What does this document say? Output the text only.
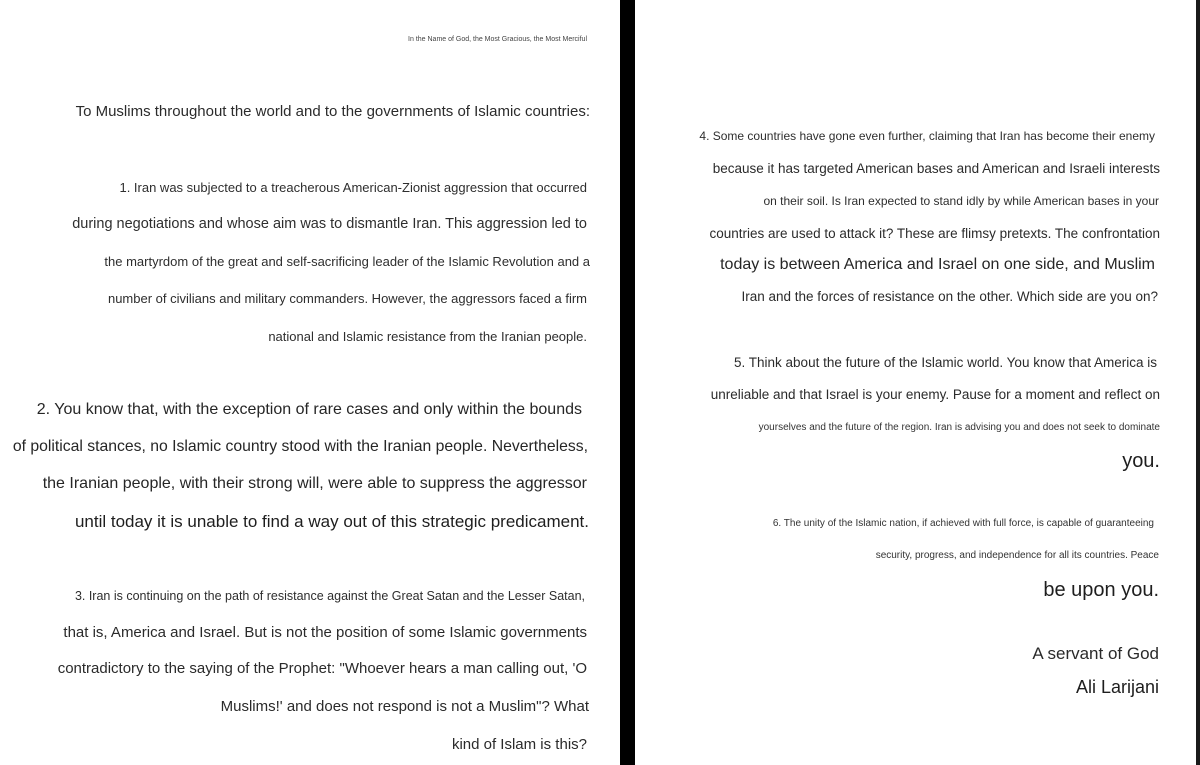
In the Name of God, the Most Gracious, the Most Merciful

To Muslims throughout the world and to the governments of Islamic countries:

1. Iran was subjected to a treacherous American-Zionist aggression that occurred

during negotiations and whose aim was to dismantle Iran. This aggression led to

the martyrdom of the great and self-sacrificing leader of the Islamic Revolution and a

number of civilians and military commanders. However, the aggressors faced a firm

national and Islamic resistance from the Iranian people.

2. You know that, with the exception of rare cases and only within the bounds

of political stances, no Islamic country stood with the Iranian people. Nevertheless,

the Iranian people, with their strong will, were able to suppress the aggressor

until today it is unable to find a way out of this strategic predicament.

3. Iran is continuing on the path of resistance against the Great Satan and the Lesser Satan,

that is, America and Israel. But is not the position of some Islamic governments

contradictory to the saying of the Prophet: "Whoever hears a man calling out, 'O

Muslims!' and does not respond is not a Muslim"? What

kind of Islam is this?

4. Some countries have gone even further, claiming that Iran has become their enemy

because it has targeted American bases and American and Israeli interests

on their soil. Is Iran expected to stand idly by while American bases in your

countries are used to attack it? These are flimsy pretexts. The confrontation

today is between America and Israel on one side, and Muslim

Iran and the forces of resistance on the other. Which side are you on?

5. Think about the future of the Islamic world. You know that America is

unreliable and that Israel is your enemy. Pause for a moment and reflect on

yourselves and the future of the region. Iran is advising you and does not seek to dominate

you.

6. The unity of the Islamic nation, if achieved with full force, is capable of guaranteeing

security, progress, and independence for all its countries. Peace

be upon you.

A servant of God

Ali Larijani
